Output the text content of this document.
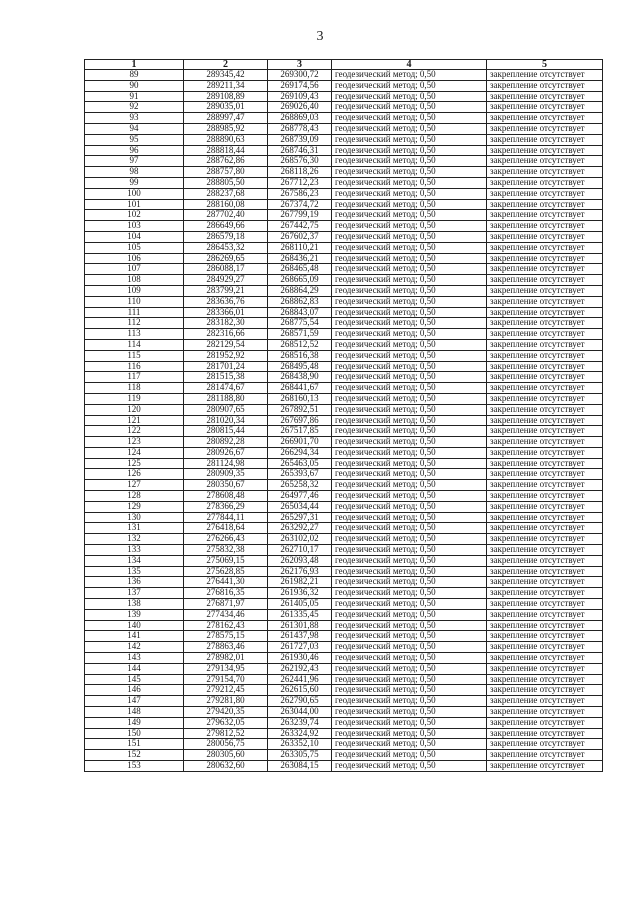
3
1	2	3	4	5
89	289345,42	269300,72	геодезический метод; 0,50	закрепление отсутствует
90	289211,34	269174,56	геодезический метод; 0,50	закрепление отсутствует
91	289108,89	269109,43	геодезический метод; 0,50	закрепление отсутствует
92	289035,01	269026,40	геодезический метод; 0,50	закрепление отсутствует
93	288997,47	268869,03	геодезический метод; 0,50	закрепление отсутствует
94	288985,92	268778,43	геодезический метод; 0,50	закрепление отсутствует
95	288890,63	268739,09	геодезический метод; 0,50	закрепление отсутствует
96	288818,44	268746,31	геодезический метод; 0,50	закрепление отсутствует
97	288762,86	268576,30	геодезический метод; 0,50	закрепление отсутствует
98	288757,80	268118,26	геодезический метод; 0,50	закрепление отсутствует
99	288805,50	267712,23	геодезический метод; 0,50	закрепление отсутствует
100	288237,68	267586,23	геодезический метод; 0,50	закрепление отсутствует
101	288160,08	267374,72	геодезический метод; 0,50	закрепление отсутствует
102	287702,40	267799,19	геодезический метод; 0,50	закрепление отсутствует
103	286649,66	267442,75	геодезический метод; 0,50	закрепление отсутствует
104	286579,18	267602,37	геодезический метод; 0,50	закрепление отсутствует
105	286453,32	268110,21	геодезический метод; 0,50	закрепление отсутствует
106	286269,65	268436,21	геодезический метод; 0,50	закрепление отсутствует
107	286088,17	268465,48	геодезический метод; 0,50	закрепление отсутствует
108	284929,27	268665,09	геодезический метод; 0,50	закрепление отсутствует
109	283799,21	268864,29	геодезический метод; 0,50	закрепление отсутствует
110	283636,76	268862,83	геодезический метод; 0,50	закрепление отсутствует
111	283366,01	268843,07	геодезический метод; 0,50	закрепление отсутствует
112	283182,30	268775,54	геодезический метод; 0,50	закрепление отсутствует
113	282316,66	268571,59	геодезический метод; 0,50	закрепление отсутствует
114	282129,54	268512,52	геодезический метод; 0,50	закрепление отсутствует
115	281952,92	268516,38	геодезический метод; 0,50	закрепление отсутствует
116	281701,24	268495,48	геодезический метод; 0,50	закрепление отсутствует
117	281515,38	268438,90	геодезический метод; 0,50	закрепление отсутствует
118	281474,67	268441,67	геодезический метод; 0,50	закрепление отсутствует
119	281188,80	268160,13	геодезический метод; 0,50	закрепление отсутствует
120	280907,65	267892,51	геодезический метод; 0,50	закрепление отсутствует
121	281020,34	267697,86	геодезический метод; 0,50	закрепление отсутствует
122	280815,44	267517,85	геодезический метод; 0,50	закрепление отсутствует
123	280892,28	266901,70	геодезический метод; 0,50	закрепление отсутствует
124	280926,67	266294,34	геодезический метод; 0,50	закрепление отсутствует
125	281124,98	265463,05	геодезический метод; 0,50	закрепление отсутствует
126	280909,35	265393,67	геодезический метод; 0,50	закрепление отсутствует
127	280350,67	265258,32	геодезический метод; 0,50	закрепление отсутствует
128	278608,48	264977,46	геодезический метод; 0,50	закрепление отсутствует
129	278366,29	265034,44	геодезический метод; 0,50	закрепление отсутствует
130	277844,11	265297,31	геодезический метод; 0,50	закрепление отсутствует
131	276418,64	263292,27	геодезический метод; 0,50	закрепление отсутствует
132	276266,43	263102,02	геодезический метод; 0,50	закрепление отсутствует
133	275832,38	262710,17	геодезический метод; 0,50	закрепление отсутствует
134	275069,15	262093,48	геодезический метод; 0,50	закрепление отсутствует
135	275628,85	262176,93	геодезический метод; 0,50	закрепление отсутствует
136	276441,30	261982,21	геодезический метод; 0,50	закрепление отсутствует
137	276816,35	261936,32	геодезический метод; 0,50	закрепление отсутствует
138	276871,97	261405,05	геодезический метод; 0,50	закрепление отсутствует
139	277434,46	261335,45	геодезический метод; 0,50	закрепление отсутствует
140	278162,43	261301,88	геодезический метод; 0,50	закрепление отсутствует
141	278575,15	261437,98	геодезический метод; 0,50	закрепление отсутствует
142	278863,46	261727,03	геодезический метод; 0,50	закрепление отсутствует
143	278982,01	261930,46	геодезический метод; 0,50	закрепление отсутствует
144	279134,95	262192,43	геодезический метод; 0,50	закрепление отсутствует
145	279154,70	262441,96	геодезический метод; 0,50	закрепление отсутствует
146	279212,45	262615,60	геодезический метод; 0,50	закрепление отсутствует
147	279281,80	262790,65	геодезический метод; 0,50	закрепление отсутствует
148	279420,35	263044,00	геодезический метод; 0,50	закрепление отсутствует
149	279632,05	263239,74	геодезический метод; 0,50	закрепление отсутствует
150	279812,52	263324,92	геодезический метод; 0,50	закрепление отсутствует
151	280056,75	263352,10	геодезический метод; 0,50	закрепление отсутствует
152	280305,60	263305,75	геодезический метод; 0,50	закрепление отсутствует
153	280632,60	263084,15	геодезический метод; 0,50	закрепление отсутствует
